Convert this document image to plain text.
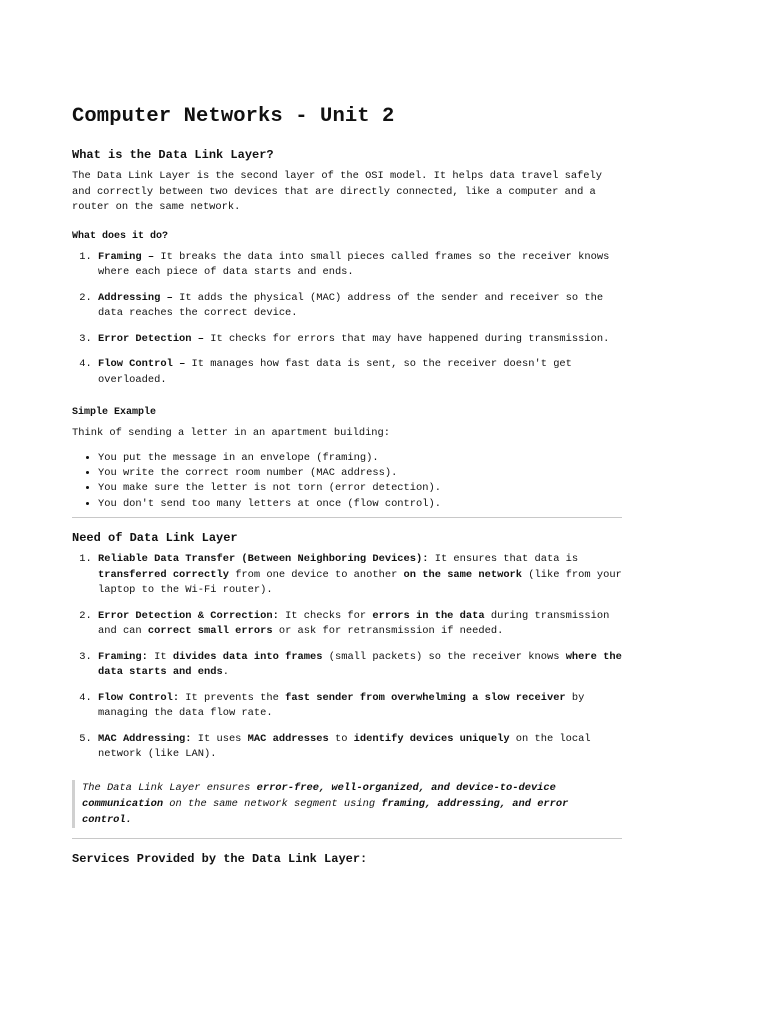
Computer Networks - Unit 2
What is the Data Link Layer?

The Data Link Layer is the second layer of the OSI model. It helps data travel safely and correctly between two devices that are directly connected, like a computer and a router on the same network.

What does it do?
1. Framing – It breaks the data into small pieces called frames so the receiver knows where each piece of data starts and ends.
2. Addressing – It adds the physical (MAC) address of the sender and receiver so the data reaches the correct device.
3. Error Detection – It checks for errors that may have happened during transmission.
4. Flow Control – It manages how fast data is sent, so the receiver doesn't get overloaded.
Simple Example

Think of sending a letter in an apartment building:

• You put the message in an envelope (framing).
• You write the correct room number (MAC address).
• You make sure the letter is not torn (error detection).
• You don't send too many letters at once (flow control).
Need of Data Link Layer
1. Reliable Data Transfer (Between Neighboring Devices): It ensures that data is transferred correctly from one device to another on the same network (like from your laptop to the Wi-Fi router).
2. Error Detection & Correction: It checks for errors in the data during transmission and can correct small errors or ask for retransmission if needed.
3. Framing: It divides data into frames (small packets) so the receiver knows where the data starts and ends.
4. Flow Control: It prevents the fast sender from overwhelming a slow receiver by managing the data flow rate.
5. MAC Addressing: It uses MAC addresses to identify devices uniquely on the local network (like LAN).
The Data Link Layer ensures error-free, well-organized, and device-to-device communication on the same network segment using framing, addressing, and error control.
Services Provided by the Data Link Layer:
